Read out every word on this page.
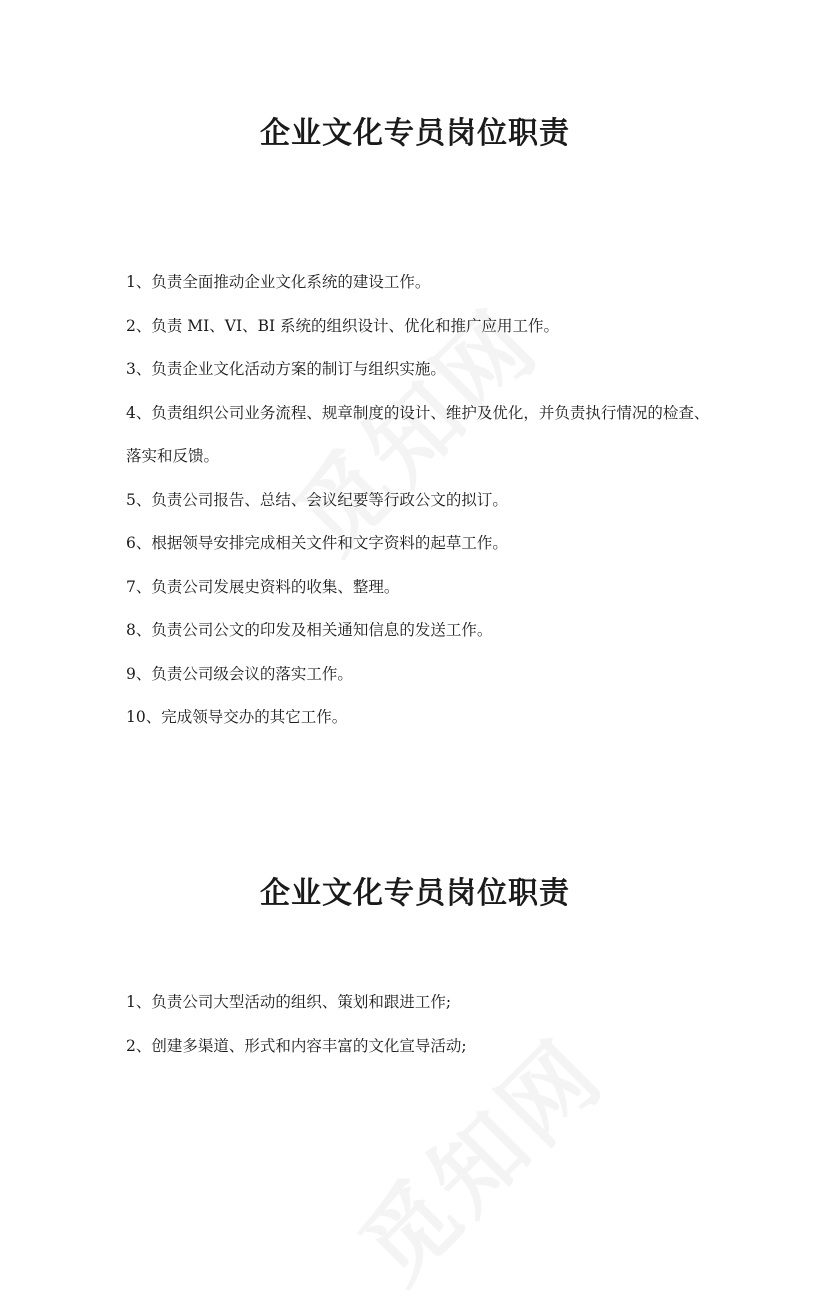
企业文化专员岗位职责
1、负责全面推动企业文化系统的建设工作。
2、负责 MI、VI、BI 系统的组织设计、优化和推广应用工作。
3、负责企业文化活动方案的制订与组织实施。
4、负责组织公司业务流程、规章制度的设计、维护及优化，并负责执行情况的检查、落实和反馈。
5、负责公司报告、总结、会议纪要等行政公文的拟订。
6、根据领导安排完成相关文件和文字资料的起草工作。
7、负责公司发展史资料的收集、整理。
8、负责公司公文的印发及相关通知信息的发送工作。
9、负责公司级会议的落实工作。
10、完成领导交办的其它工作。
企业文化专员岗位职责
1、负责公司大型活动的组织、策划和跟进工作;
2、创建多渠道、形式和内容丰富的文化宣导活动;
